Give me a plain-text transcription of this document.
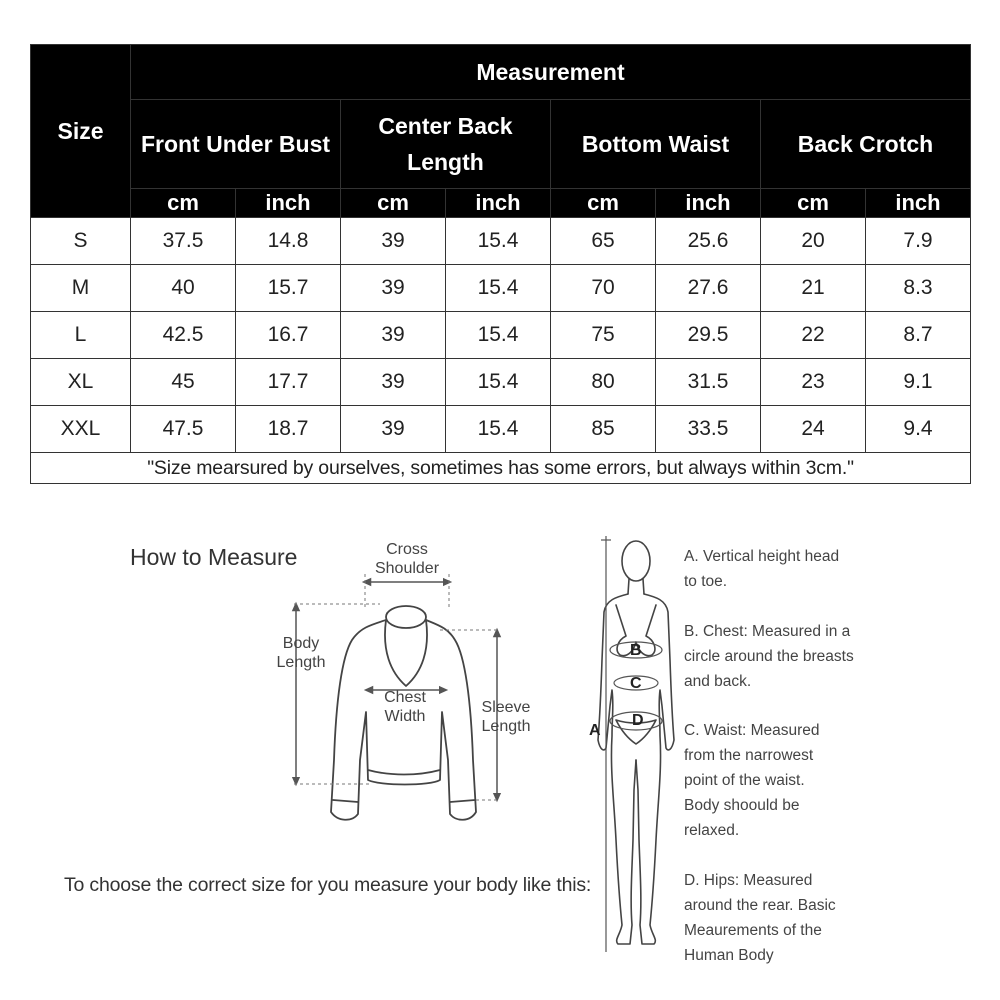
Size	Measurement							
	Front Under Bust		Center Back Length		Bottom Waist		Back Crotch	
	cm	inch	cm	inch	cm	inch	cm	inch
S	37.5	14.8	39	15.4	65	25.6	20	7.9
M	40	15.7	39	15.4	70	27.6	21	8.3
L	42.5	16.7	39	15.4	75	29.5	22	8.7
XL	45	17.7	39	15.4	80	31.5	23	9.1
XXL	47.5	18.7	39	15.4	85	33.5	24	9.4
"Size mearsured by ourselves, sometimes has some errors, but always within 3cm."								
How to Measure	Cross Shoulder
Body Length
Chest Width
Sleeve Length
To choose the correct size for you measure your body like this:
B
C
D
A
A. Vertical height head to toe.
B. Chest: Measured in a circle around the breasts and back.
C. Waist: Measured from the narrowest point of the waist. Body shoould be relaxed.
D. Hips: Measured around the rear. Basic Meaurements of the Human Body
